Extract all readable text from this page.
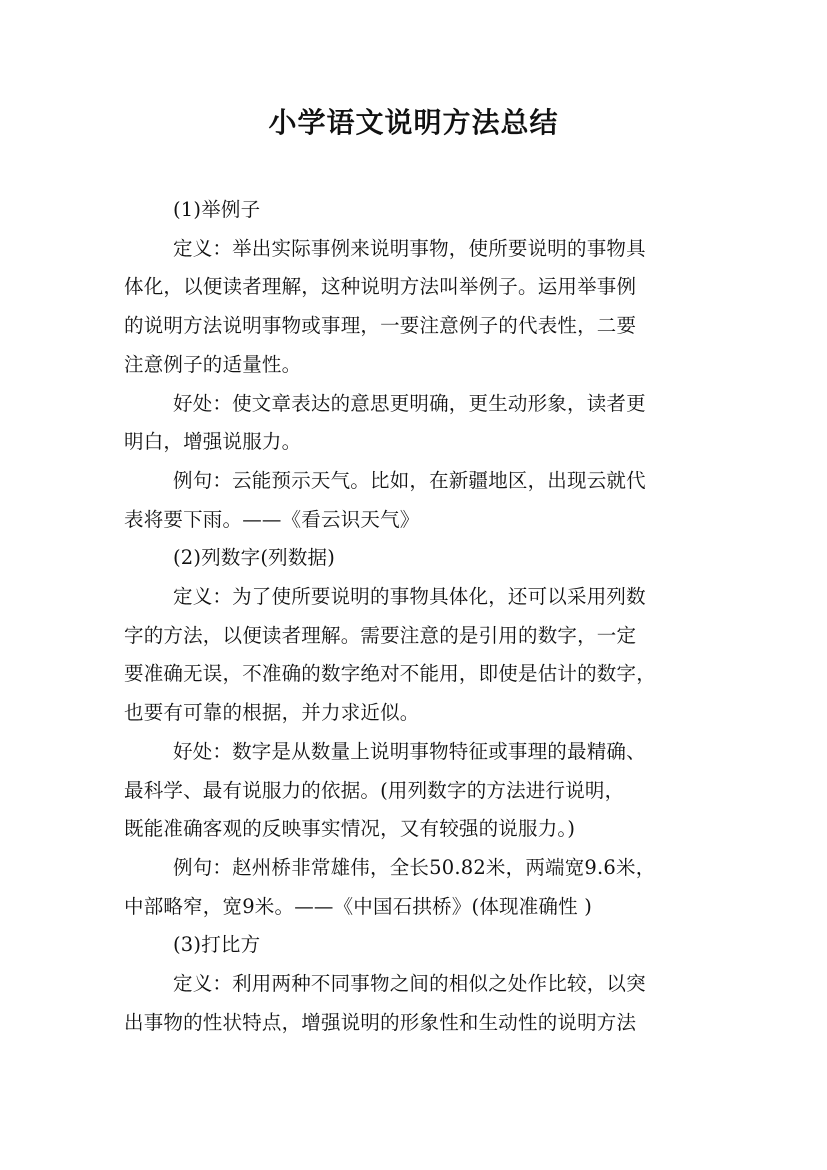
小学语文说明方法总结

(1)举例子

定义：举出实际事例来说明事物，使所要说明的事物具

体化，以便读者理解，这种说明方法叫举例子。运用举事例

的说明方法说明事物或事理，一要注意例子的代表性，二要

注意例子的适量性。

好处：使文章表达的意思更明确，更生动形象，读者更

明白，增强说服力。

例句：云能预示天气。比如，在新疆地区，出现云就代

表将要下雨。——《看云识天气》

(2)列数字(列数据)

定义：为了使所要说明的事物具体化，还可以采用列数

字的方法，以便读者理解。需要注意的是引用的数字，一定

要准确无误，不准确的数字绝对不能用，即使是估计的数字，

也要有可靠的根据，并力求近似。

好处：数字是从数量上说明事物特征或事理的最精确、

最科学、最有说服力的依据。(用列数字的方法进行说明，

既能准确客观的反映事实情况，又有较强的说服力。)

例句：赵州桥非常雄伟，全长50.82米，两端宽9.6米，

中部略窄，宽9米。——《中国石拱桥》(体现准确性 )

(3)打比方

定义：利用两种不同事物之间的相似之处作比较，以突

出事物的性状特点，增强说明的形象性和生动性的说明方法
